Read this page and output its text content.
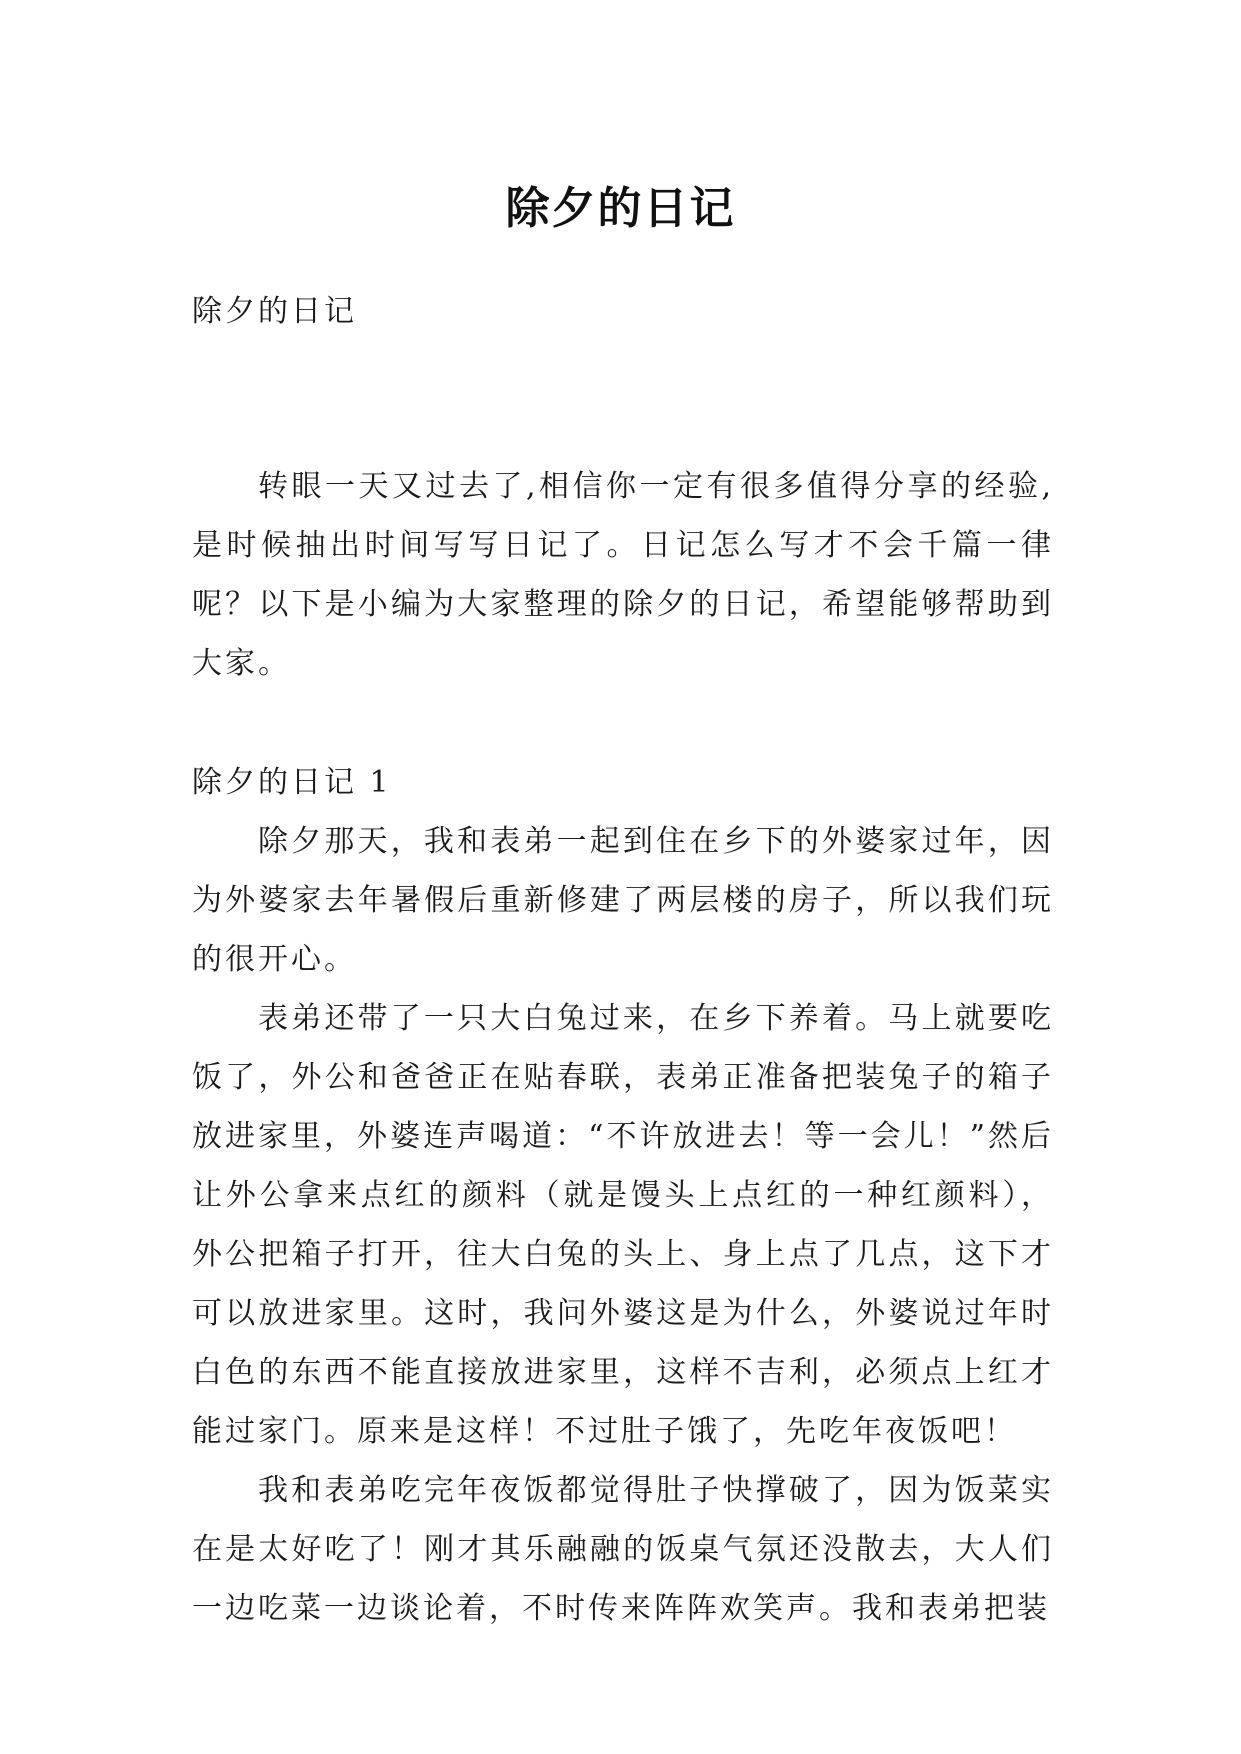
除夕的日记

除夕的日记

转眼一天又过去了,相信你一定有很多值得分享的经验,是时候抽出时间写写日记了。日记怎么写才不会千篇一律呢？以下是小编为大家整理的除夕的日记，希望能够帮助到大家。

除夕的日记 1

除夕那天，我和表弟一起到住在乡下的外婆家过年，因为外婆家去年暑假后重新修建了两层楼的房子，所以我们玩的很开心。

表弟还带了一只大白兔过来，在乡下养着。马上就要吃饭了，外公和爸爸正在贴春联，表弟正准备把装兔子的箱子放进家里，外婆连声喝道：“不许放进去！等一会儿！”然后让外公拿来点红的颜料（就是馒头上点红的一种红颜料），外公把箱子打开，往大白兔的头上、身上点了几点，这下才可以放进家里。这时，我问外婆这是为什么，外婆说过年时白色的东西不能直接放进家里，这样不吉利，必须点上红才能过家门。原来是这样！不过肚子饿了，先吃年夜饭吧！

我和表弟吃完年夜饭都觉得肚子快撑破了，因为饭菜实在是太好吃了！刚才其乐融融的饭桌气氛还没散去，大人们一边吃菜一边谈论着，不时传来阵阵欢笑声。我和表弟把装
